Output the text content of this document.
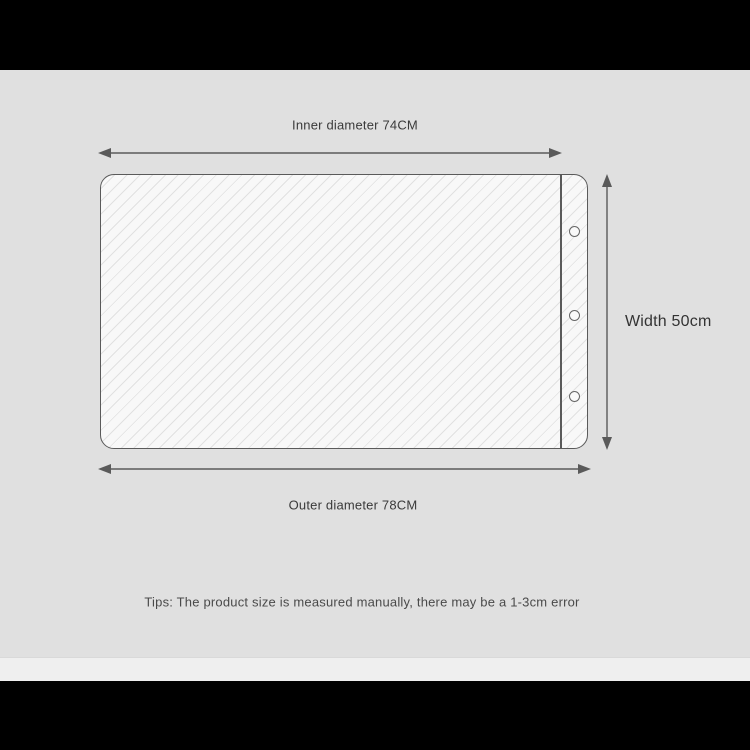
Inner diameter 74CM
Outer diameter 78CM
Width 50cm
Tips: The product size is measured manually, there may be a 1-3cm error
